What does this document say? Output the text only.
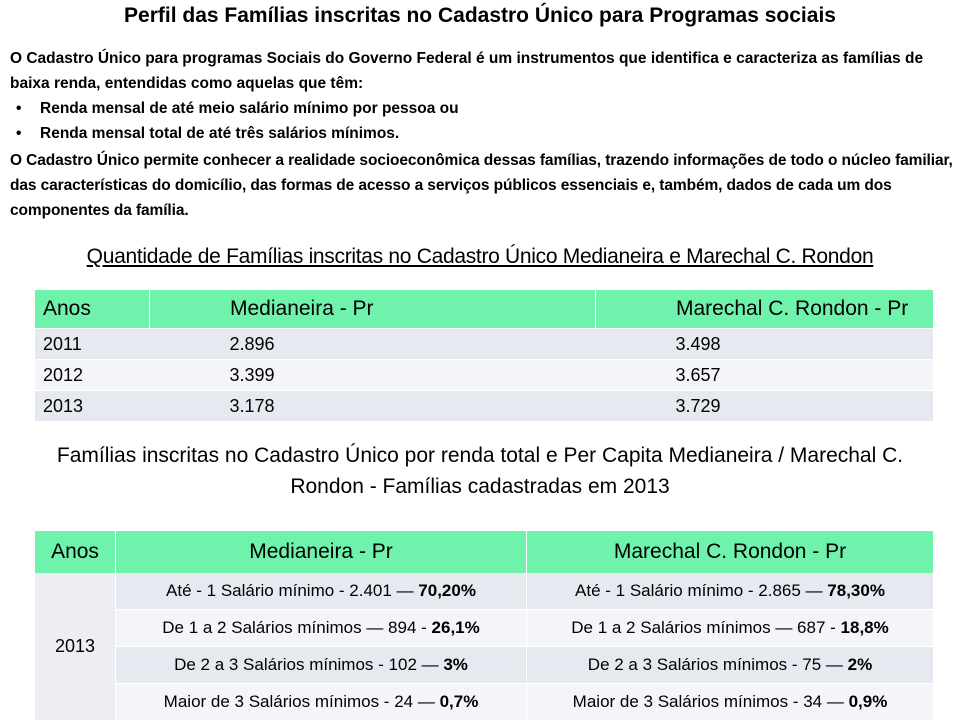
Perfil das Famílias inscritas no Cadastro Único para Programas sociais

O Cadastro Único para programas Sociais do Governo Federal é um instrumentos que identifica e caracteriza as famílias de baixa renda, entendidas como aquelas que têm:

• Renda mensal de até meio salário mínimo por pessoa ou
• Renda mensal total de até três salários mínimos.
O Cadastro Único permite conhecer a realidade socioeconômica dessas famílias, trazendo informações de todo o núcleo familiar, das características do domicílio, das formas de acesso a serviços públicos essenciais e, também, dados de cada um dos componentes da família.
Quantidade de Famílias inscritas no Cadastro Único Medianeira e Marechal C. Rondon
Anos	Medianeira - Pr	Marechal C. Rondon - Pr
2011	2.896	3.498
2012	3.399	3.657
2013	3.178	3.729
Famílias inscritas no Cadastro Único por renda total e Per Capita Medianeira / Marechal C.
Rondon - Famílias cadastradas em 2013
Anos	Medianeira - Pr	Marechal C. Rondon - Pr
2013	Até - 1 Salário mínimo - 2.401 — 70,20%	Até - 1 Salário mínimo - 2.865 — 78,30%
	De 1 a 2 Salários mínimos — 894 - 26,1%	De 1 a 2 Salários mínimos — 687 - 18,8%
	De 2 a 3 Salários mínimos - 102 — 3%	De 2 a 3 Salários mínimos - 75 — 2%
	Maior de 3 Salários mínimos - 24 — 0,7%	Maior de 3 Salários mínimos - 34 — 0,9%
